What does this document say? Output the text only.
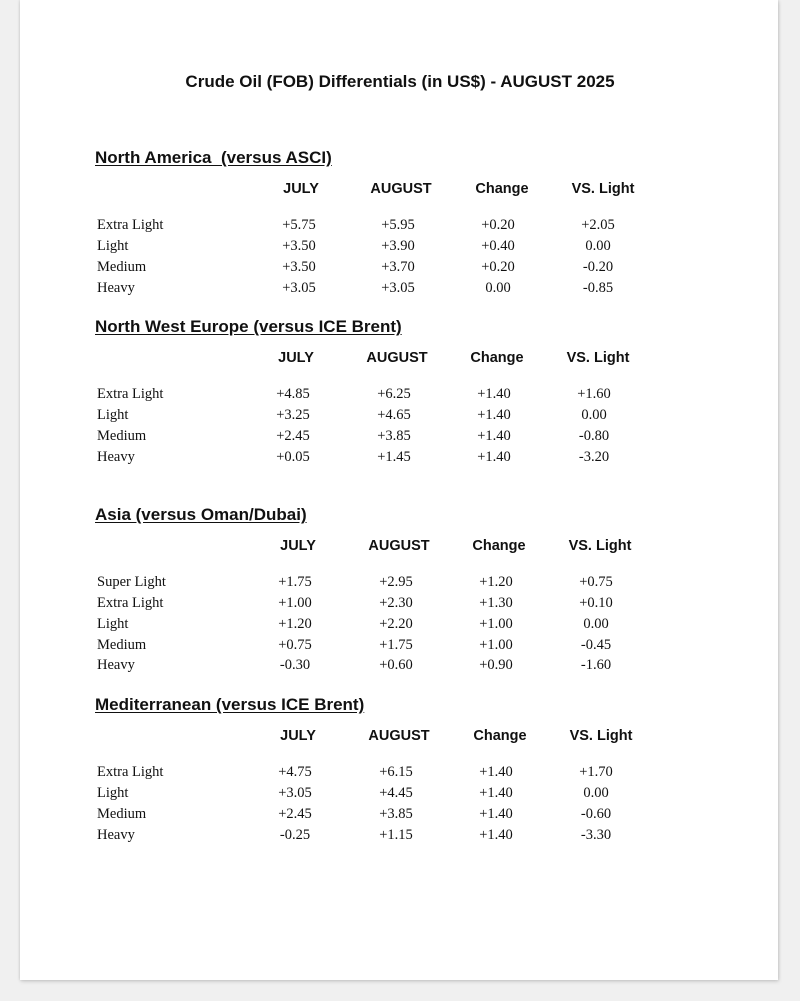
Crude Oil (FOB) Differentials (in US$) - AUGUST 2025
North America  (versus ASCI)
JULY	AUGUST	Change	VS. Light
Extra Light	+5.75	+5.95	+0.20	+2.05
Light	+3.50	+3.90	+0.40	0.00
Medium	+3.50	+3.70	+0.20	-0.20
Heavy	+3.05	+3.05	0.00	-0.85
North West Europe (versus ICE Brent)
JULY	AUGUST	Change	VS. Light
Extra Light	+4.85	+6.25	+1.40	+1.60
Light	+3.25	+4.65	+1.40	0.00
Medium	+2.45	+3.85	+1.40	-0.80
Heavy	+0.05	+1.45	+1.40	-3.20
Asia (versus Oman/Dubai)
JULY	AUGUST	Change	VS. Light
Super Light	+1.75	+2.95	+1.20	+0.75
Extra Light	+1.00	+2.30	+1.30	+0.10
Light	+1.20	+2.20	+1.00	0.00
Medium	+0.75	+1.75	+1.00	-0.45
Heavy	-0.30	+0.60	+0.90	-1.60
Mediterranean (versus ICE Brent)
JULY	AUGUST	Change	VS. Light
Extra Light	+4.75	+6.15	+1.40	+1.70
Light	+3.05	+4.45	+1.40	0.00
Medium	+2.45	+3.85	+1.40	-0.60
Heavy	-0.25	+1.15	+1.40	-3.30
